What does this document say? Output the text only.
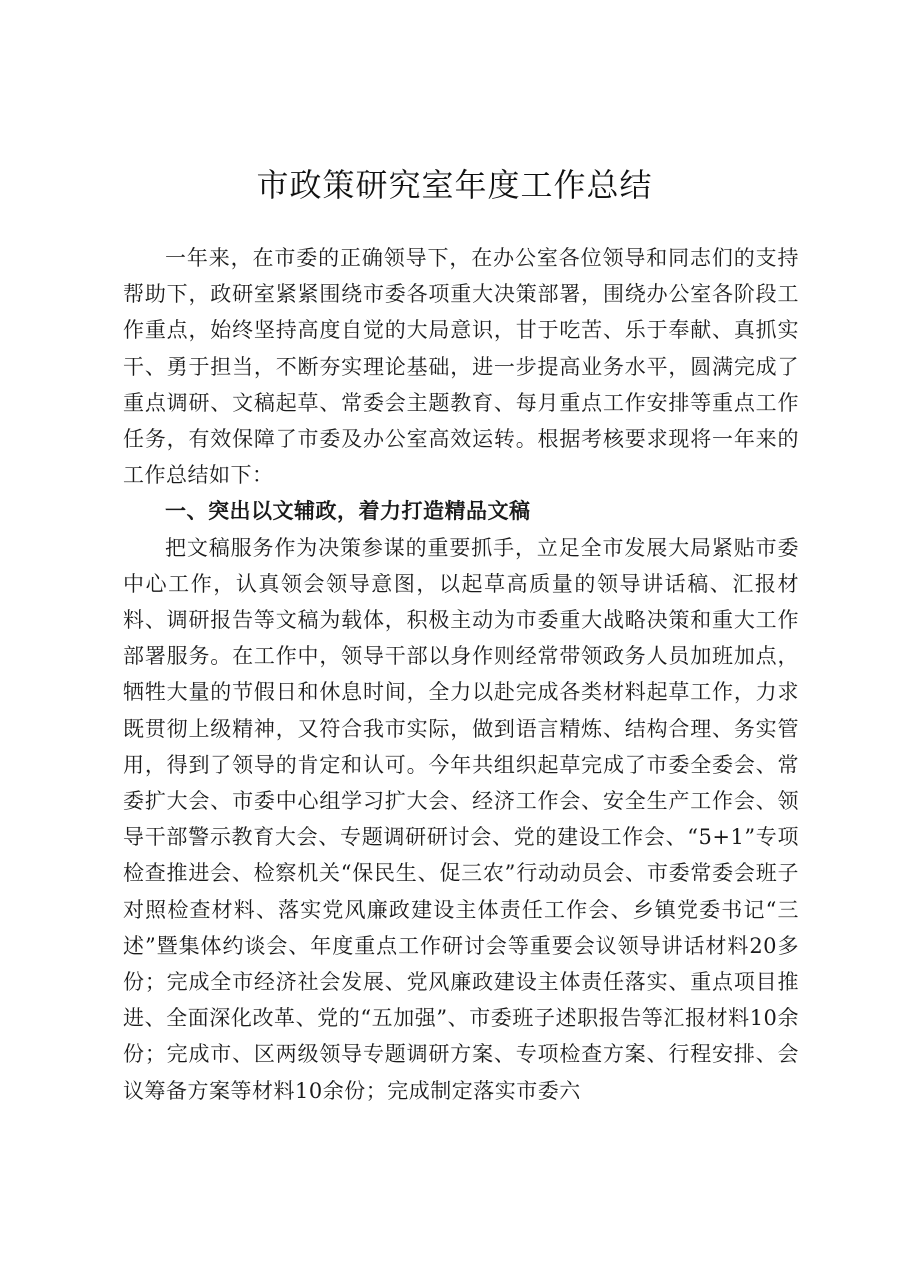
市政策研究室年度工作总结

一年来，在市委的正确领导下，在办公室各位领导和同志们的支持帮助下，政研室紧紧围绕市委各项重大决策部署，围绕办公室各阶段工作重点，始终坚持高度自觉的大局意识，甘于吃苦、乐于奉献、真抓实干、勇于担当，不断夯实理论基础，进一步提高业务水平，圆满完成了重点调研、文稿起草、常委会主题教育、每月重点工作安排等重点工作任务，有效保障了市委及办公室高效运转。根据考核要求现将一年来的工作总结如下：

一、突出以文辅政，着力打造精品文稿

把文稿服务作为决策参谋的重要抓手，立足全市发展大局紧贴市委中心工作，认真领会领导意图，以起草高质量的领导讲话稿、汇报材料、调研报告等文稿为载体，积极主动为市委重大战略决策和重大工作部署服务。在工作中，领导干部以身作则经常带领政务人员加班加点，牺牲大量的节假日和休息时间，全力以赴完成各类材料起草工作，力求既贯彻上级精神，又符合我市实际，做到语言精炼、结构合理、务实管用，得到了领导的肯定和认可。今年共组织起草完成了市委全委会、常委扩大会、市委中心组学习扩大会、经济工作会、安全生产工作会、领导干部警示教育大会、专题调研研讨会、党的建设工作会、“5+1”专项检查推进会、检察机关“保民生、促三农”行动动员会、市委常委会班子对照检查材料、落实党风廉政建设主体责任工作会、乡镇党委书记“三述”暨集体约谈会、年度重点工作研讨会等重要会议领导讲话材料20多份；完成全市经济社会发展、党风廉政建设主体责任落实、重点项目推进、全面深化改革、党的“五加强”、市委班子述职报告等汇报材料10余份；完成市、区两级领导专题调研方案、专项检查方案、行程安排、会议筹备方案等材料10余份；完成制定落实市委六
